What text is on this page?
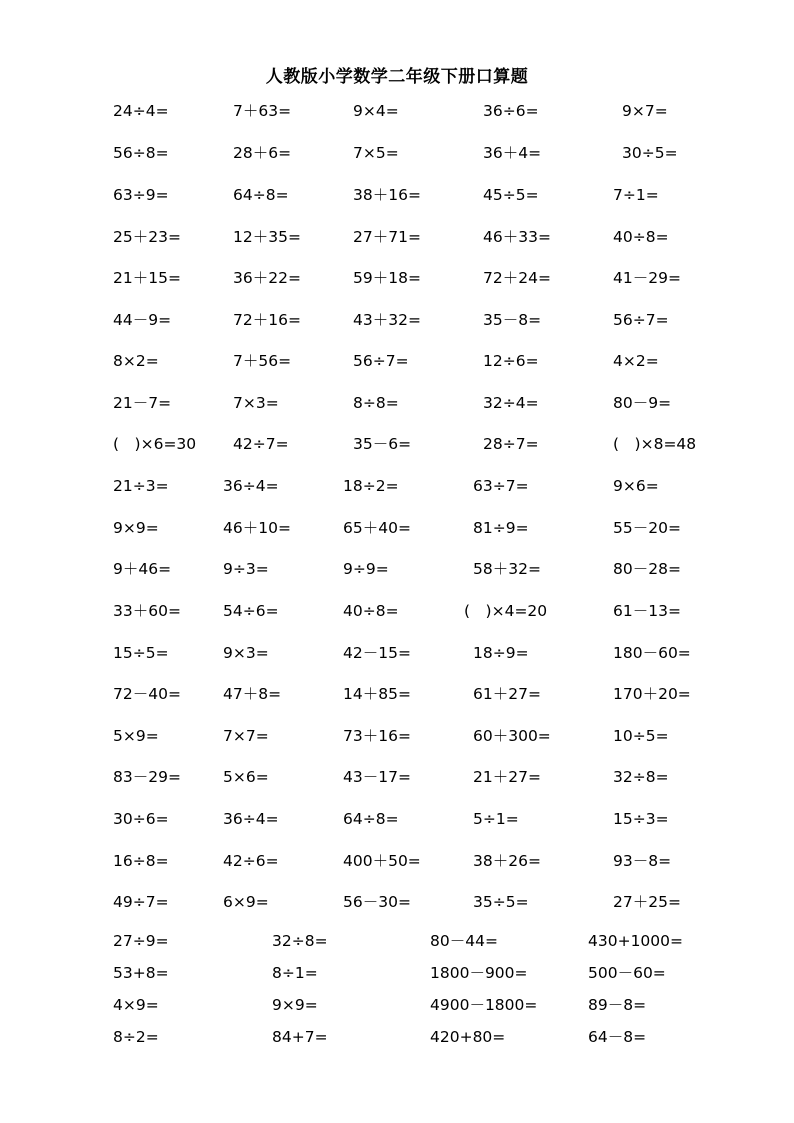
人教版小学数学二年级下册口算题
24÷4=	7＋63=	9×4=	36÷6=	9×7=
56÷8=	28＋6=	7×5=	36＋4=	30÷5=
63÷9=	64÷8=	38＋16=	45÷5=	7÷1=
25＋23=	12＋35=	27＋71=	46＋33=	40÷8=
21＋15=	36＋22=	59＋18=	72＋24=	41－29=
44－9=	72＋16=	43＋32=	35－8=	56÷7=
8×2=	7＋56=	56÷7=	12÷6=	4×2=
21－7=	7×3=	8÷8=	32÷4=	80－9=
(　)×6=30 42÷7=	35－6=	28÷7=	(　)×8=48
21÷3=	36÷4=	18÷2=	63÷7=	9×6=
9×9=	46＋10=	65＋40=	81÷9=	55－20=
9＋46=	9÷3=	9÷9=	58＋32=	80－28=
33＋60=	54÷6=	40÷8=	(　)×4=20	61－13=
15÷5=	9×3=	42－15=	18÷9=	180－60=
72－40=	47＋8=	14＋85=	61＋27=	170＋20=
5×9=	7×7=	73＋16=	60＋300=	10÷5=
83－29=	5×6=	43－17=	21＋27=	32÷8=
30÷6=	36÷4=	64÷8=	5÷1=	15÷3=
16÷8=	42÷6=	400＋50=	38＋26=	93－8=
49÷7=	6×9=	56－30=	35÷5=	27＋25=
27÷9=	32÷8=	80－44=	430+1000=
53+8=	8÷1=	1800－900=	500－60=
4×9=	9×9=	4900－1800=	89－8=
8÷2=	84+7=	420+80=	64－8=
